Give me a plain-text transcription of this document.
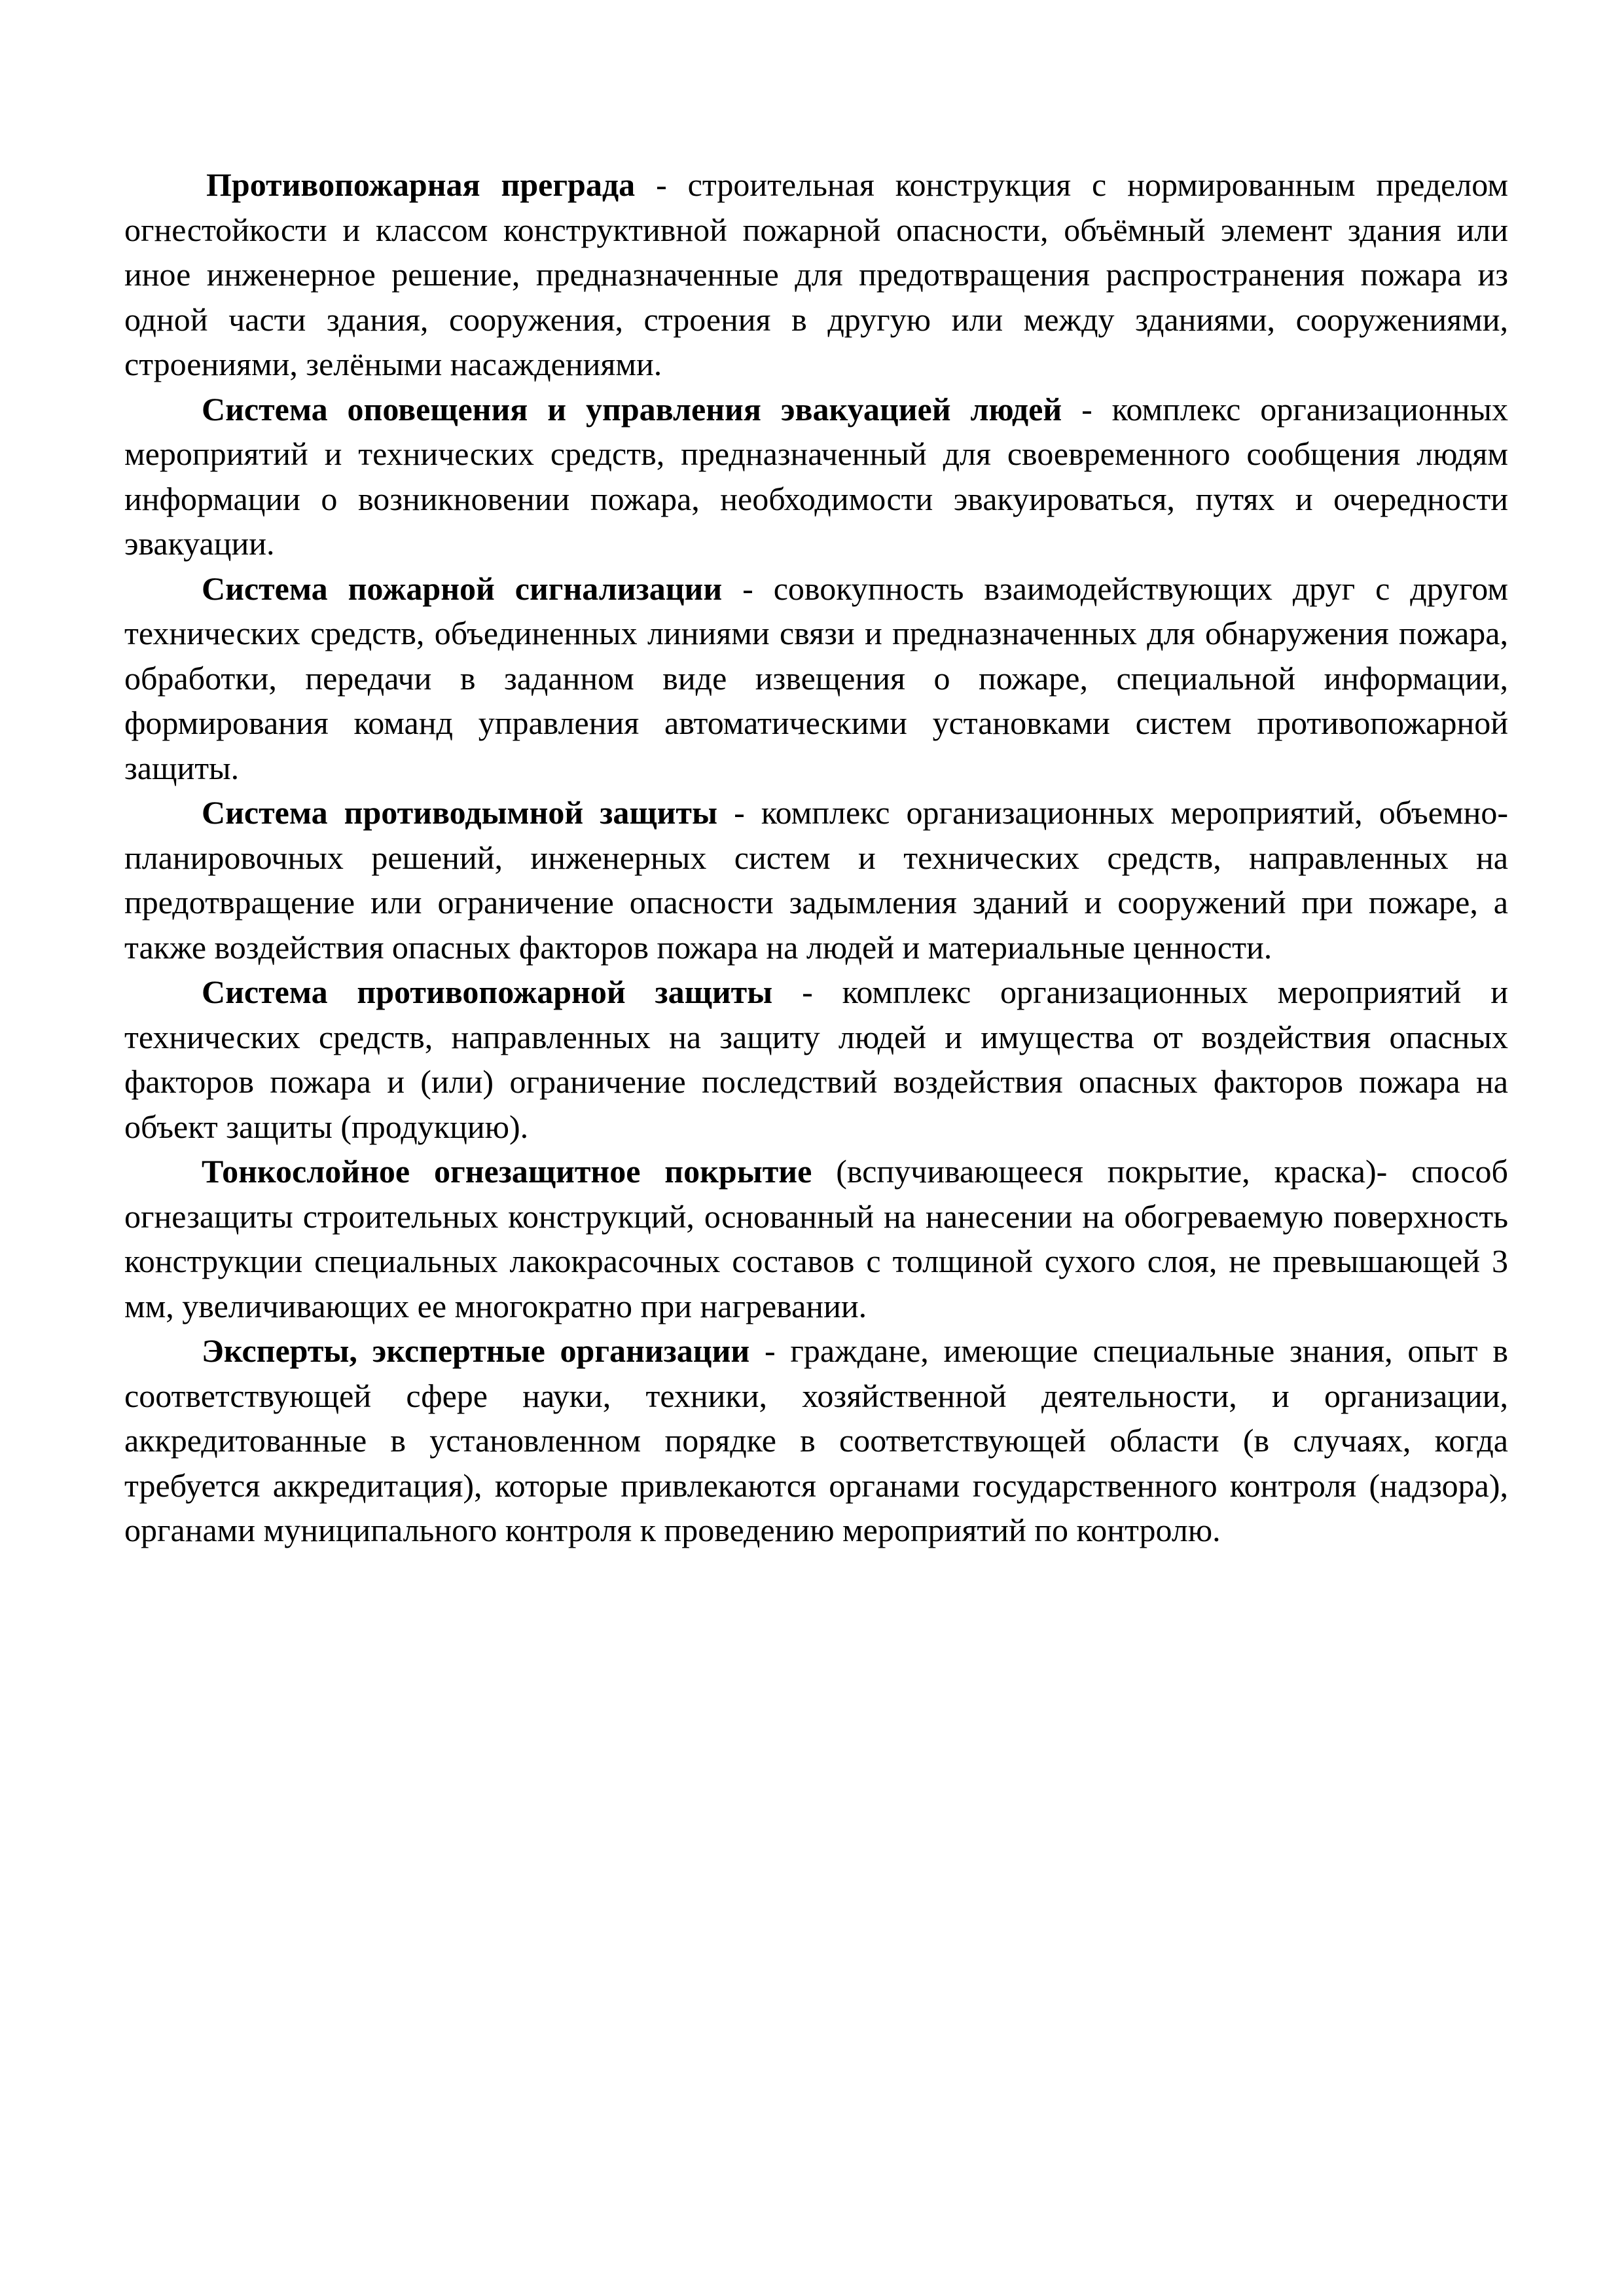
Противопожарная преграда - строительная конструкция с нормированным пределом огнестойкости и классом конструктивной пожарной опасности, объёмный элемент здания или иное инженерное решение, предназначенные для предотвращения распространения пожара из одной части здания, сооружения, строения в другую или между зданиями, сооружениями, строениями, зелёными насаждениями.

Система оповещения и управления эвакуацией людей - комплекс организационных мероприятий и технических средств, предназначенный для своевременного сообщения людям информации о возникновении пожара, необходимости эвакуироваться, путях и очередности эвакуации.

Система пожарной сигнализации - совокупность взаимодействующих друг с другом технических средств, объединенных линиями связи и предназначенных для обнаружения пожара, обработки, передачи в заданном виде извещения о пожаре, специальной информации, формирования команд управления автоматическими установками систем противопожарной защиты.

Система противодымной защиты - комплекс организационных мероприятий, объемно-планировочных решений, инженерных систем и технических средств, направленных на предотвращение или ограничение опасности задымления зданий и сооружений при пожаре, а также воздействия опасных факторов пожара на людей и материальные ценности.

Система противопожарной защиты - комплекс организационных мероприятий и технических средств, направленных на защиту людей и имущества от воздействия опасных факторов пожара и (или) ограничение последствий воздействия опасных факторов пожара на объект защиты (продукцию).

Тонкослойное огнезащитное покрытие (вспучивающееся покрытие, краска)- способ огнезащиты строительных конструкций, основанный на нанесении на обогреваемую поверхность конструкции специальных лакокрасочных составов с толщиной сухого слоя, не превышающей 3 мм, увеличивающих ее многократно при нагревании.

Эксперты, экспертные организации - граждане, имеющие специальные знания, опыт в соответствующей сфере науки, техники, хозяйственной деятельности, и организации, аккредитованные в установленном порядке в соответствующей области (в случаях, когда требуется аккредитация), которые привлекаются органами государственного контроля (надзора), органами муниципального контроля к проведению мероприятий по контролю.
